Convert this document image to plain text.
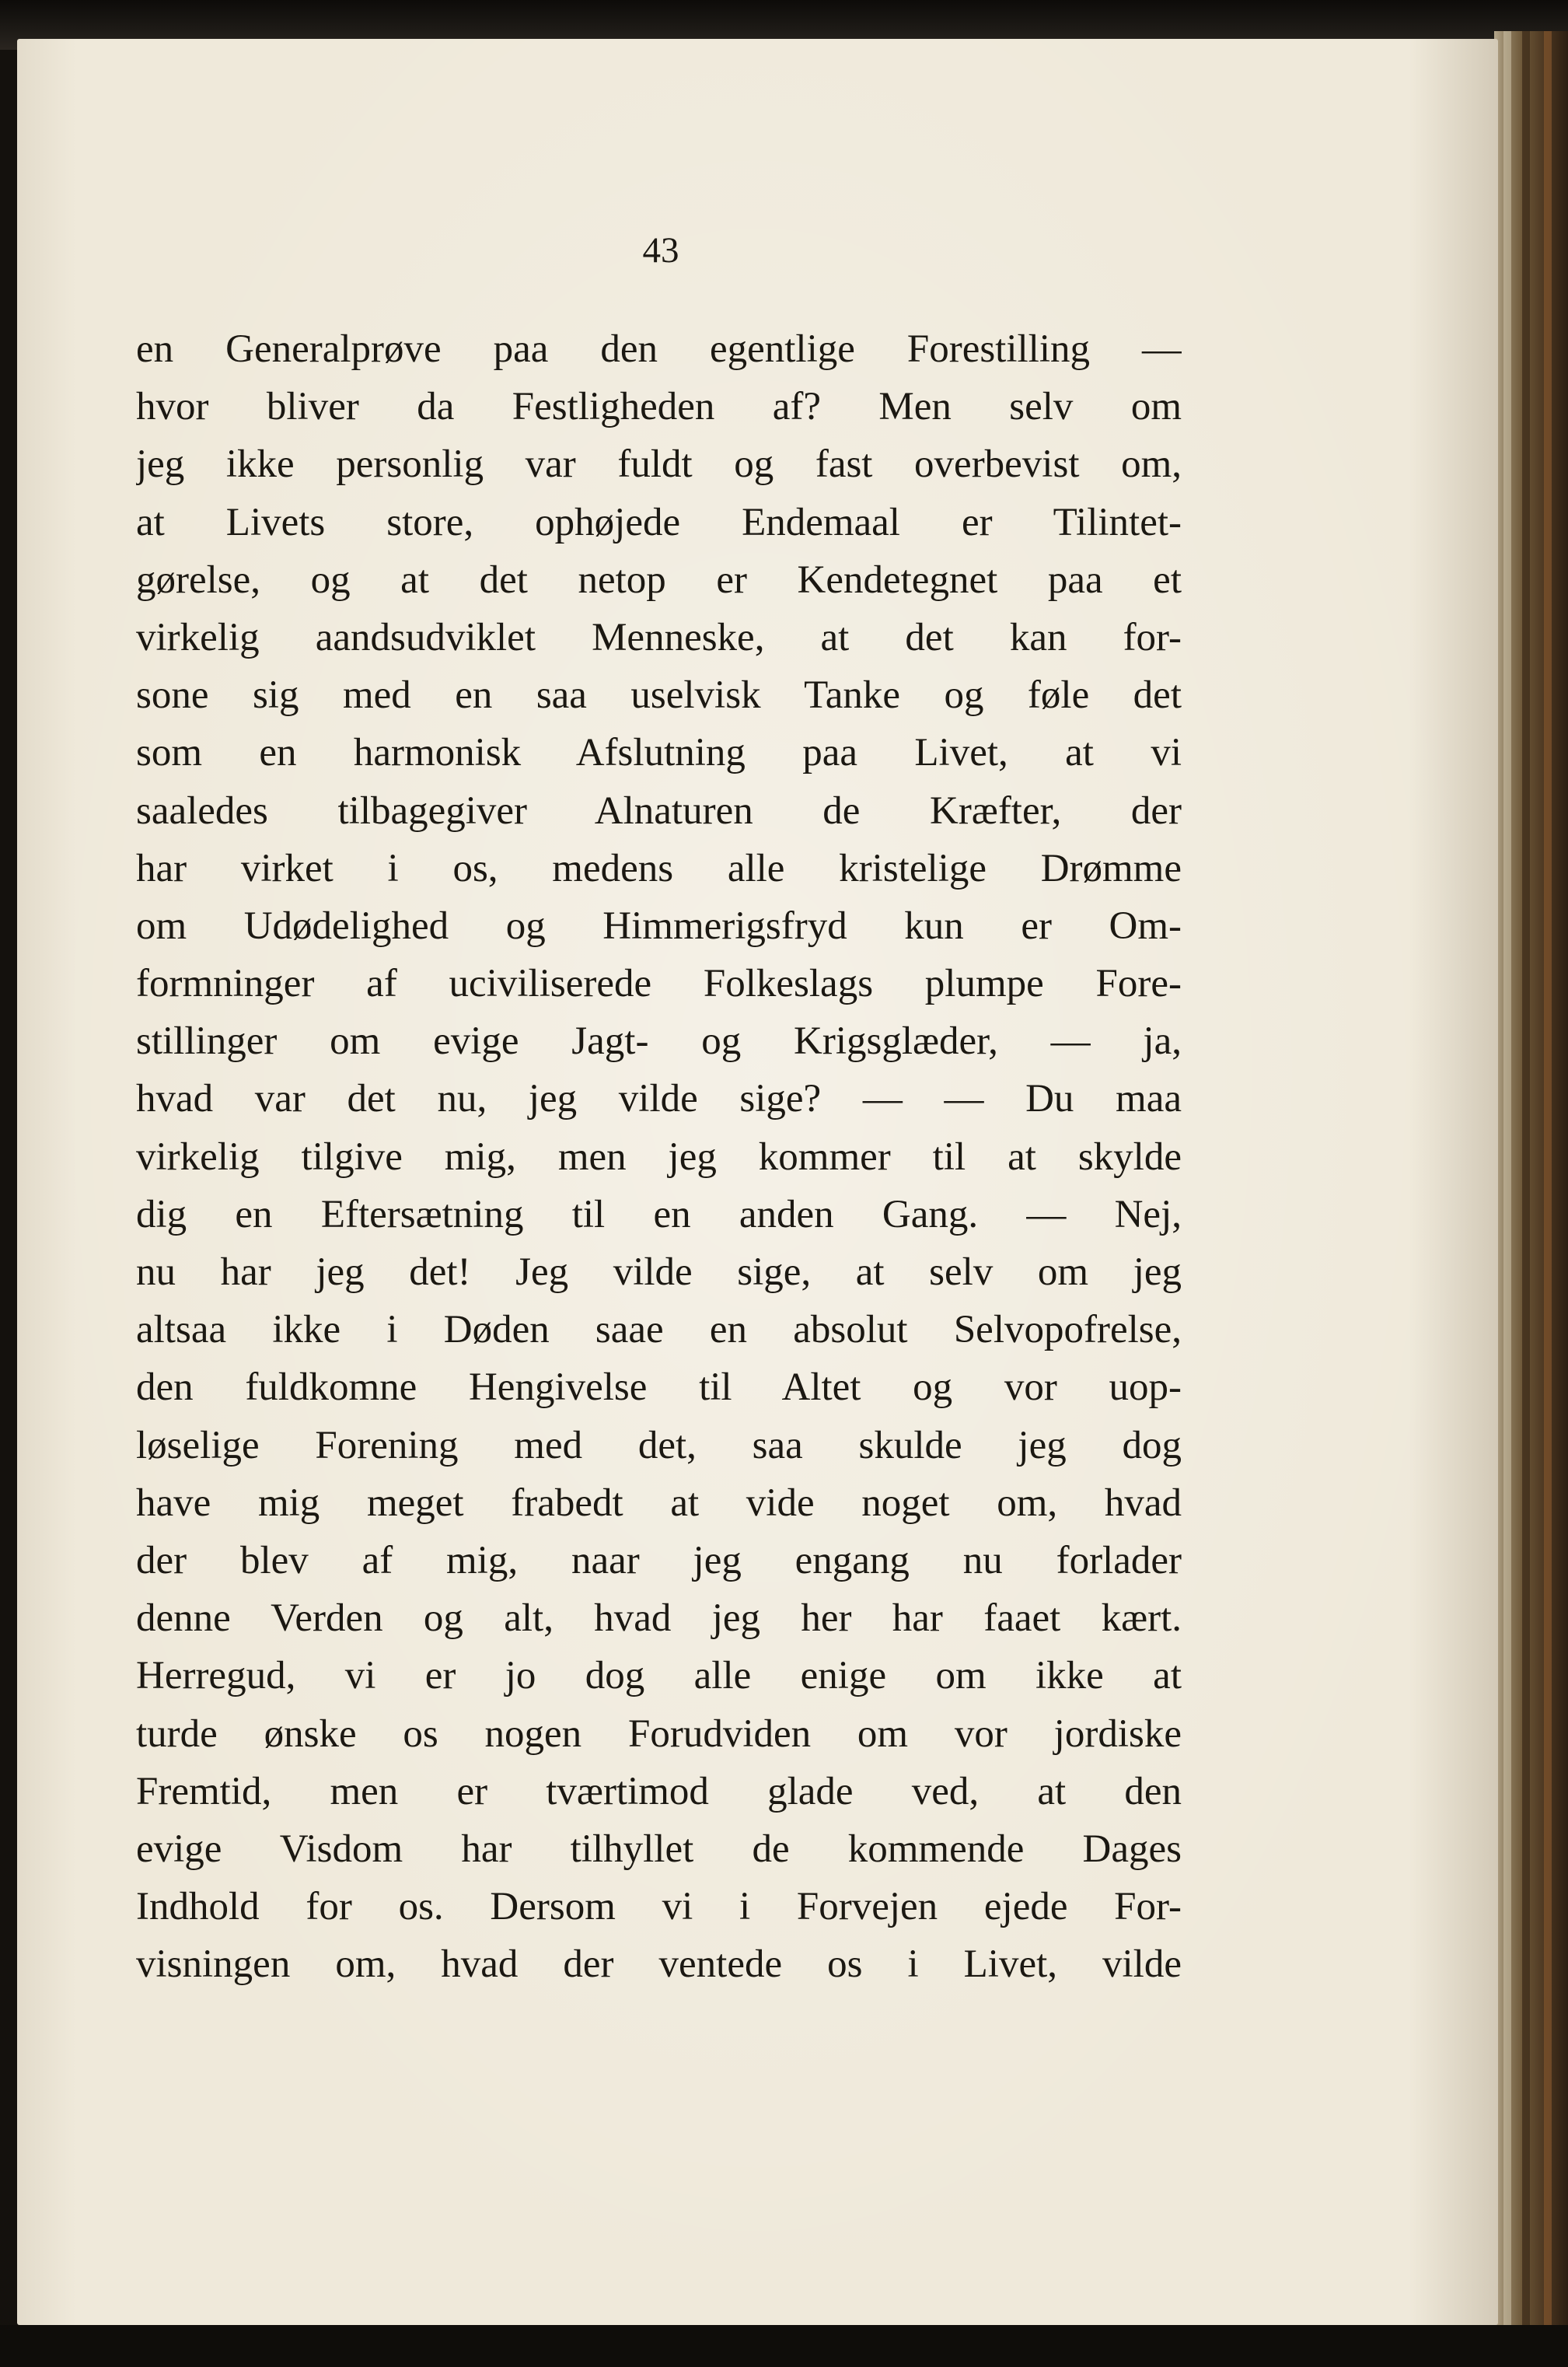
43
en Generalprøve paa den egentlige Forestilling —
hvor bliver da Festligheden af? Men selv om
jeg ikke personlig var fuldt og fast overbevist om,
at Livets store, ophøjede Endemaal er Tilintet-
gørelse, og at det netop er Kendetegnet paa et
virkelig aandsudviklet Menneske, at det kan for-
sone sig med en saa uselvisk Tanke og føle det
som en harmonisk Afslutning paa Livet, at vi
saaledes tilbagegiver Alnaturen de Kræfter, der
har virket i os, medens alle kristelige Drømme
om Udødelighed og Himmerigsfryd kun er Om-
formninger af uciviliserede Folkeslags plumpe Fore-
stillinger om evige Jagt- og Krigsglæder, — ja,
hvad var det nu, jeg vilde sige? — — Du maa
virkelig tilgive mig, men jeg kommer til at skylde
dig en Eftersætning til en anden Gang. — Nej,
nu har jeg det! Jeg vilde sige, at selv om jeg
altsaa ikke i Døden saae en absolut Selvopofrelse,
den fuldkomne Hengivelse til Altet og vor uop-
løselige Forening med det, saa skulde jeg dog
have mig meget frabedt at vide noget om, hvad
der blev af mig, naar jeg engang nu forlader
denne Verden og alt, hvad jeg her har faaet kært.
Herregud, vi er jo dog alle enige om ikke at
turde ønske os nogen Forudviden om vor jordiske
Fremtid, men er tværtimod glade ved, at den
evige Visdom har tilhyllet de kommende Dages
Indhold for os. Dersom vi i Forvejen ejede For-
visningen om, hvad der ventede os i Livet, vilde
